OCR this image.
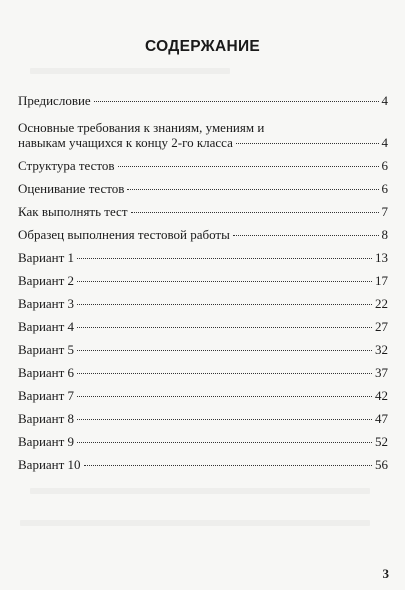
СОДЕРЖАНИЕ
Предисловие	4
Основные требования к знаниям, умениям и
навыкам учащихся к концу 2-го класса	4
Структура тестов	6
Оценивание тестов	6
Как выполнять тест	7
Образец выполнения тестовой работы	8
Вариант 1	13
Вариант 2	17
Вариант 3	22
Вариант 4	27
Вариант 5	32
Вариант 6	37
Вариант 7	42
Вариант 8	47
Вариант 9	52
Вариант 10	56
3
